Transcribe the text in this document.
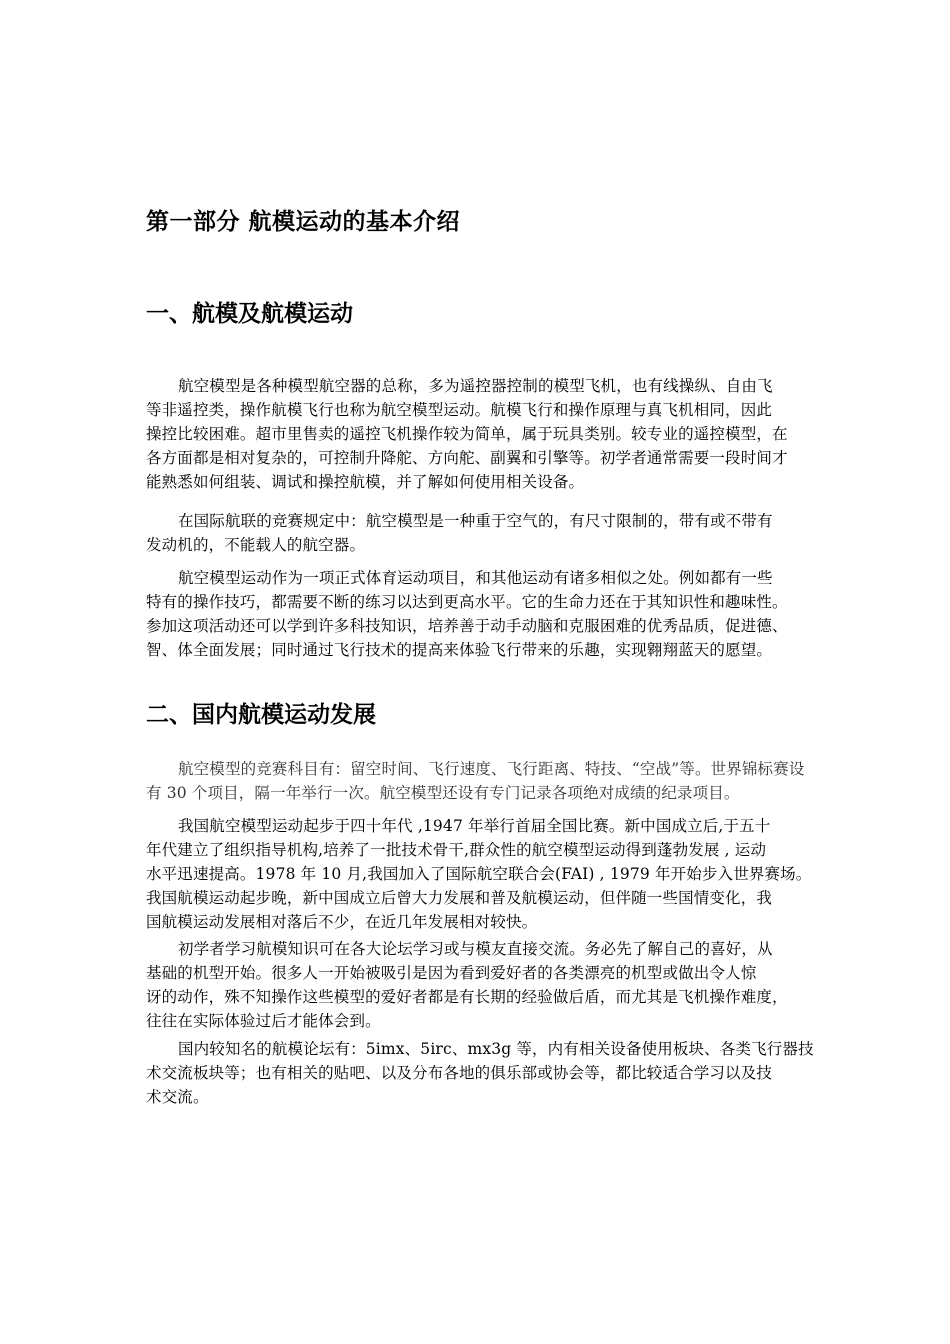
第一部分 航模运动的基本介绍
一、航模及航模运动
航空模型是各种模型航空器的总称，多为遥控器控制的模型飞机，也有线操纵、自由飞
等非遥控类，操作航模飞行也称为航空模型运动。航模飞行和操作原理与真飞机相同，因此
操控比较困难。超市里售卖的遥控飞机操作较为简单，属于玩具类别。较专业的遥控模型，在
各方面都是相对复杂的，可控制升降舵、方向舵、副翼和引擎等。初学者通常需要一段时间才
能熟悉如何组装、调试和操控航模，并了解如何使用相关设备。
在国际航联的竞赛规定中：航空模型是一种重于空气的，有尺寸限制的，带有或不带有
发动机的，不能载人的航空器。
航空模型运动作为一项正式体育运动项目，和其他运动有诸多相似之处。例如都有一些
特有的操作技巧，都需要不断的练习以达到更高水平。它的生命力还在于其知识性和趣味性。
参加这项活动还可以学到许多科技知识，培养善于动手动脑和克服困难的优秀品质，促进德、
智、体全面发展；同时通过飞行技术的提高来体验飞行带来的乐趣，实现翱翔蓝天的愿望。
二、国内航模运动发展
航空模型的竞赛科目有：留空时间、飞行速度、飞行距离、特技、“空战”等。世界锦标赛设
有 30 个项目，隔一年举行一次。航空模型还设有专门记录各项绝对成绩的纪录项目。
我国航空模型运动起步于四十年代 ,1947 年举行首届全国比赛。新中国成立后,于五十
年代建立了组织指导机构,培养了一批技术骨干,群众性的航空模型运动得到蓬勃发展 , 运动
水平迅速提高。1978 年 10 月,我国加入了国际航空联合会(FAI) , 1979 年开始步入世界赛场。
我国航模运动起步晚，新中国成立后曾大力发展和普及航模运动，但伴随一些国情变化，我
国航模运动发展相对落后不少，在近几年发展相对较快。
初学者学习航模知识可在各大论坛学习或与模友直接交流。务必先了解自己的喜好，从
基础的机型开始。很多人一开始被吸引是因为看到爱好者的各类漂亮的机型或做出令人惊
讶的动作，殊不知操作这些模型的爱好者都是有长期的经验做后盾，而尤其是飞机操作难度，
往往在实际体验过后才能体会到。
国内较知名的航模论坛有：5imx、5irc、mx3g 等，内有相关设备使用板块、各类飞行器技
术交流板块等；也有相关的贴吧、以及分布各地的俱乐部或协会等，都比较适合学习以及技
术交流。
